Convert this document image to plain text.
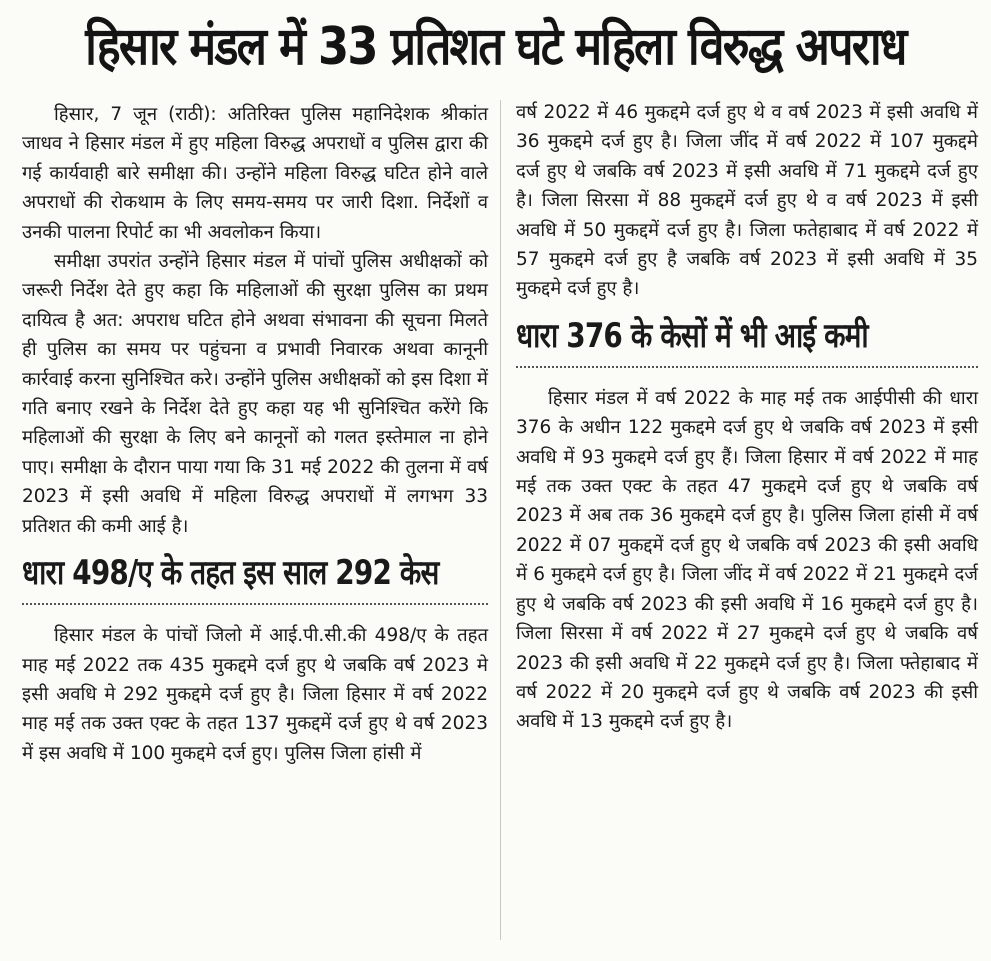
हिसार मंडल में 33 प्रतिशत घटे महिला विरुद्ध अपराध

हिसार, 7 जून (राठी): अतिरिक्त पुलिस महानिदेशक श्रीकांत जाधव ने हिसार मंडल में हुए महिला विरुद्ध अपराधों व पुलिस द्वारा की गई कार्यवाही बारे समीक्षा की। उन्होंने महिला विरुद्ध घटित होने वाले अपराधों की रोकथाम के लिए समय-समय पर जारी दिशा. निर्देशों व उनकी पालना रिपोर्ट का भी अवलोकन किया।

समीक्षा उपरांत उन्होंने हिसार मंडल में पांचों पुलिस अधीक्षकों को जरूरी निर्देश देते हुए कहा कि महिलाओं की सुरक्षा पुलिस का प्रथम दायित्व है अत: अपराध घटित होने अथवा संभावना की सूचना मिलते ही पुलिस का समय पर पहुंचना व प्रभावी निवारक अथवा कानूनी कार्रवाई करना सुनिश्चित करे। उन्होंने पुलिस अधीक्षकों को इस दिशा में गति बनाए रखने के निर्देश देते हुए कहा यह भी सुनिश्चित करेंगे कि महिलाओं की सुरक्षा के लिए बने कानूनों को गलत इस्तेमाल ना होने पाए। समीक्षा के दौरान पाया गया कि 31 मई 2022 की तुलना में वर्ष 2023 में इसी अवधि में महिला विरुद्ध अपराधों में लगभग 33 प्रतिशत की कमी आई है।

धारा 498/ए के तहत इस साल 292 केस

हिसार मंडल के पांचों जिलो में आई.पी.सी.की 498/ए के तहत माह मई 2022 तक 435 मुकद्दमे दर्ज हुए थे जबकि वर्ष 2023 मे इसी अवधि मे 292 मुकद्दमे दर्ज हुए है। जिला हिसार में वर्ष 2022 माह मई तक उक्त एक्ट के तहत 137 मुकद्दमें दर्ज हुए थे वर्ष 2023 में इस अवधि में 100 मुकद्दमे दर्ज हुए। पुलिस जिला हांसी में

वर्ष 2022 में 46 मुकद्दमे दर्ज हुए थे व वर्ष 2023 में इसी अवधि में 36 मुकद्दमे दर्ज हुए है। जिला जींद में वर्ष 2022 में 107 मुकद्दमे दर्ज हुए थे जबकि वर्ष 2023 में इसी अवधि में 71 मुकद्दमे दर्ज हुए है। जिला सिरसा में 88 मुकद्दमें दर्ज हुए थे व वर्ष 2023 में इसी अवधि में 50 मुकद्दमें दर्ज हुए है। जिला फतेहाबाद में वर्ष 2022 में 57 मुकद्दमे दर्ज हुए है जबकि वर्ष 2023 में इसी अवधि में 35 मुकद्दमे दर्ज हुए है।

धारा 376 के केसों में भी आई कमी

हिसार मंडल में वर्ष 2022 के माह मई तक आईपीसी की धारा 376 के अधीन 122 मुकद्दमे दर्ज हुए थे जबकि वर्ष 2023 में इसी अवधि में 93 मुकद्दमे दर्ज हुए हैं। जिला हिसार में वर्ष 2022 में माह मई तक उक्त एक्ट के तहत 47 मुकद्दमे दर्ज हुए थे जबकि वर्ष 2023 में अब तक 36 मुकद्दमे दर्ज हुए है। पुलिस जिला हांसी में वर्ष 2022 में 07 मुकद्दमें दर्ज हुए थे जबकि वर्ष 2023 की इसी अवधि में 6 मुकद्दमे दर्ज हुए है। जिला जींद में वर्ष 2022 में 21 मुकद्दमे दर्ज हुए थे जबकि वर्ष 2023 की इसी अवधि में 16 मुकद्दमे दर्ज हुए है। जिला सिरसा में वर्ष 2022 में 27 मुकद्दमे दर्ज हुए थे जबकि वर्ष 2023 की इसी अवधि में 22 मुकद्दमे दर्ज हुए है। जिला फ्तेहाबाद में वर्ष 2022 में 20 मुकद्दमे दर्ज हुए थे जबकि वर्ष 2023 की इसी अवधि में 13 मुकद्दमे दर्ज हुए है।
